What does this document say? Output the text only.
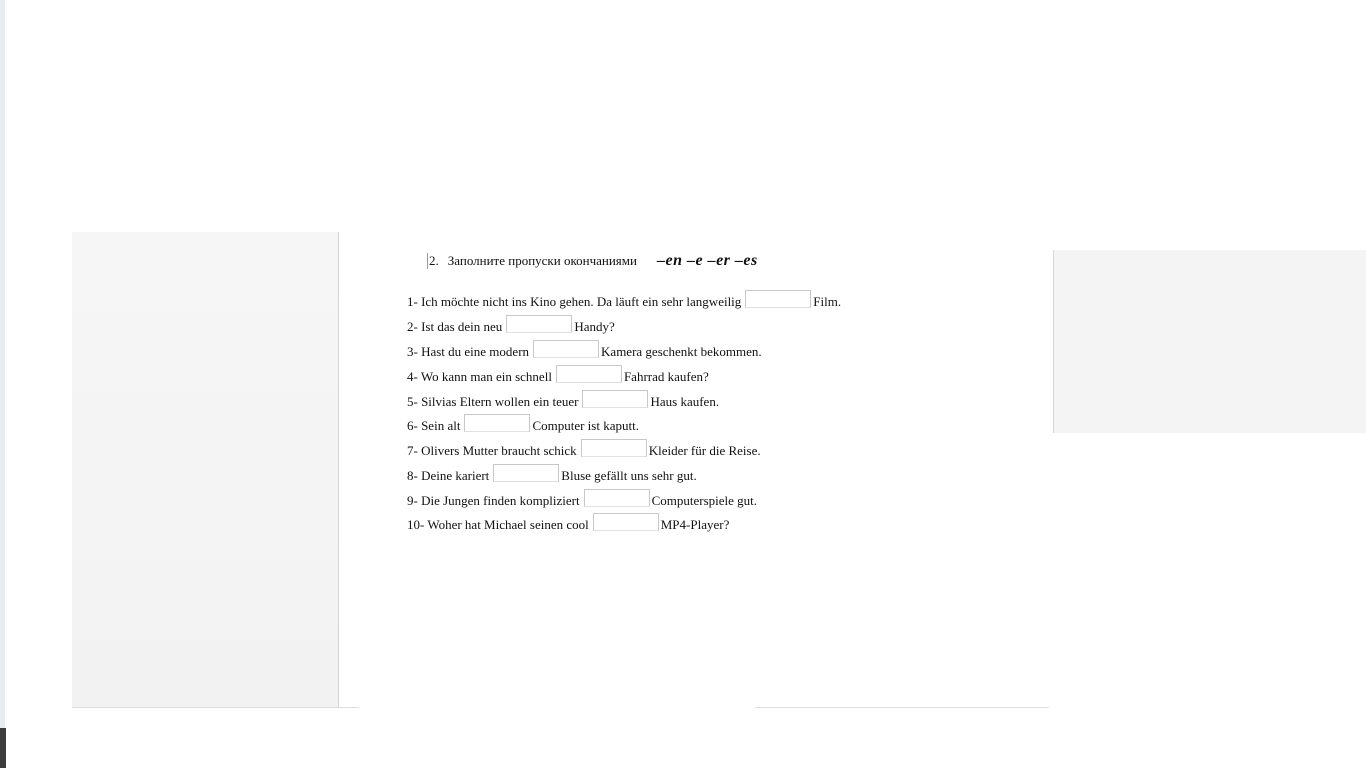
2. Заполните пропуски окончаниями –en –e –er –es
1- Ich möchte nicht ins Kino gehen. Da läuft ein sehr langweilig	Film.
2- Ist das dein neu	Handy?
3- Hast du eine modern	Kamera geschenkt bekommen.
4- Wo kann man ein schnell	Fahrrad kaufen?
5- Silvias Eltern wollen ein teuer	Haus kaufen.
6- Sein alt	Computer ist kaputt.
7- Olivers Mutter braucht schick	Kleider für die Reise.
8- Deine kariert	Bluse gefällt uns sehr gut.
9- Die Jungen finden kompliziert	Computerspiele gut.
10- Woher hat Michael seinen cool	MP4-Player?
